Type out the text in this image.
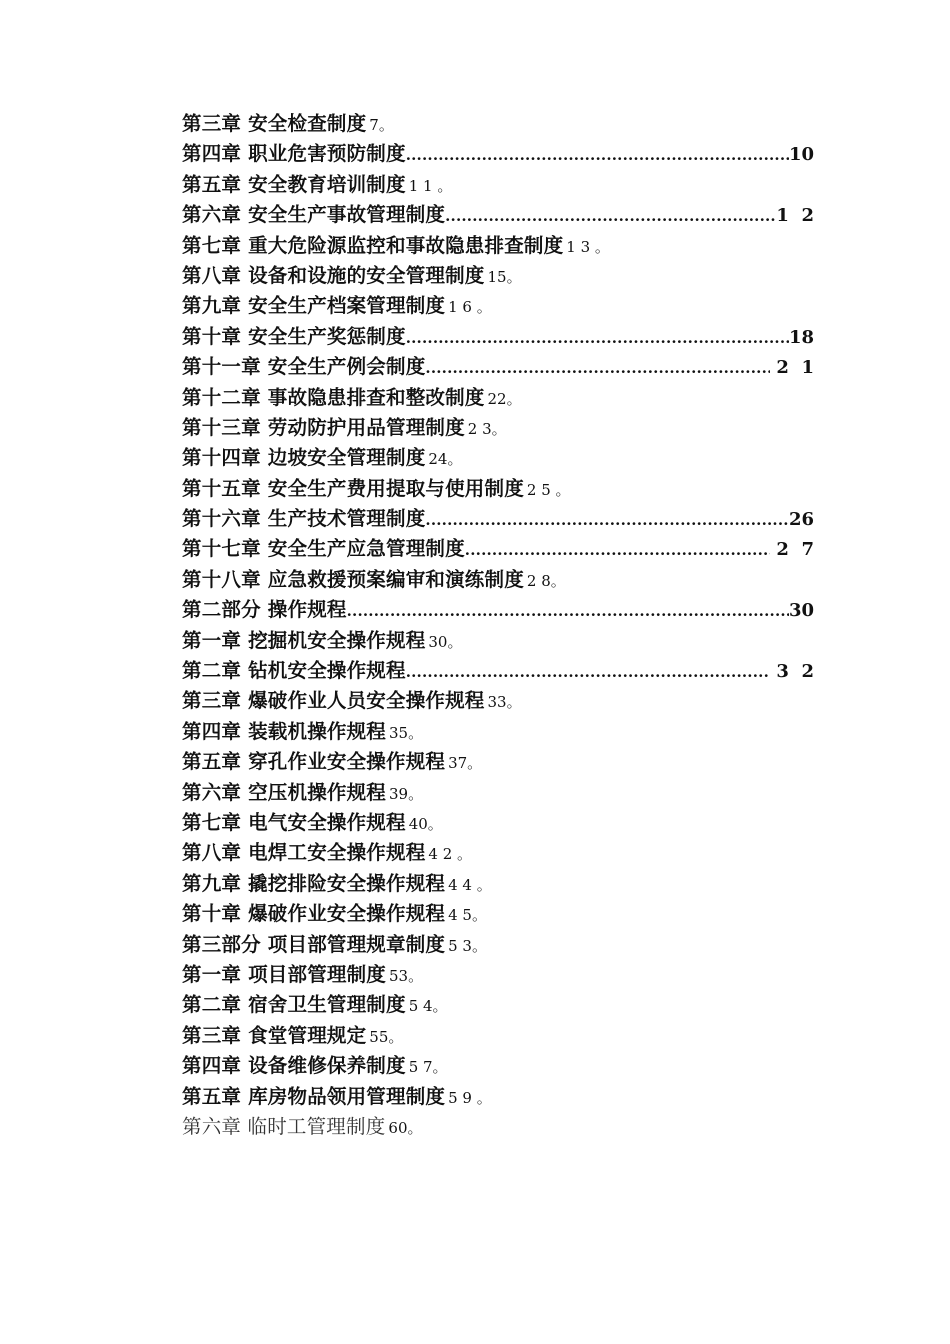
第三章 安全检查制度 7。
第四章 职业危害预防制度 .....	10
第五章 安全教育培训制度 1 1 。
第六章 安全生产事故管理制度 .....	1  2
第七章 重大危险源监控和事故隐患排查制度 1 3 。
第八章 设备和设施的安全管理制度 15。
第九章 安全生产档案管理制度 1 6 。
第十章 安全生产奖惩制度 .....	18
第十一章 安全生产例会制度 .....	2  1
第十二章 事故隐患排查和整改制度 22。
第十三章 劳动防护用品管理制度 2 3。
第十四章 边坡安全管理制度 24。
第十五章 安全生产费用提取与使用制度 2 5 。
第十六章 生产技术管理制度 .....	26
第十七章 安全生产应急管理制度 .....	2  7
第十八章 应急救援预案编审和演练制度 2 8。
第二部分 操作规程 .....	30
第一章 挖掘机安全操作规程 30。
第二章 钻机安全操作规程 .....	3  2
第三章 爆破作业人员安全操作规程 33。
第四章 装载机操作规程 35。
第五章 穿孔作业安全操作规程 37。
第六章 空压机操作规程 39。
第七章 电气安全操作规程 40。
第八章 电焊工安全操作规程 4 2 。
第九章 撬挖排险安全操作规程 4 4 。
第十章 爆破作业安全操作规程 4 5。
第三部分 项目部管理规章制度 5 3。
第一章 项目部管理制度 53。
第二章 宿舍卫生管理制度 5 4。
第三章 食堂管理规定 55。
第四章 设备维修保养制度 5 7。
第五章 库房物品领用管理制度 5 9 。
第六章 临时工管理制度 60。
